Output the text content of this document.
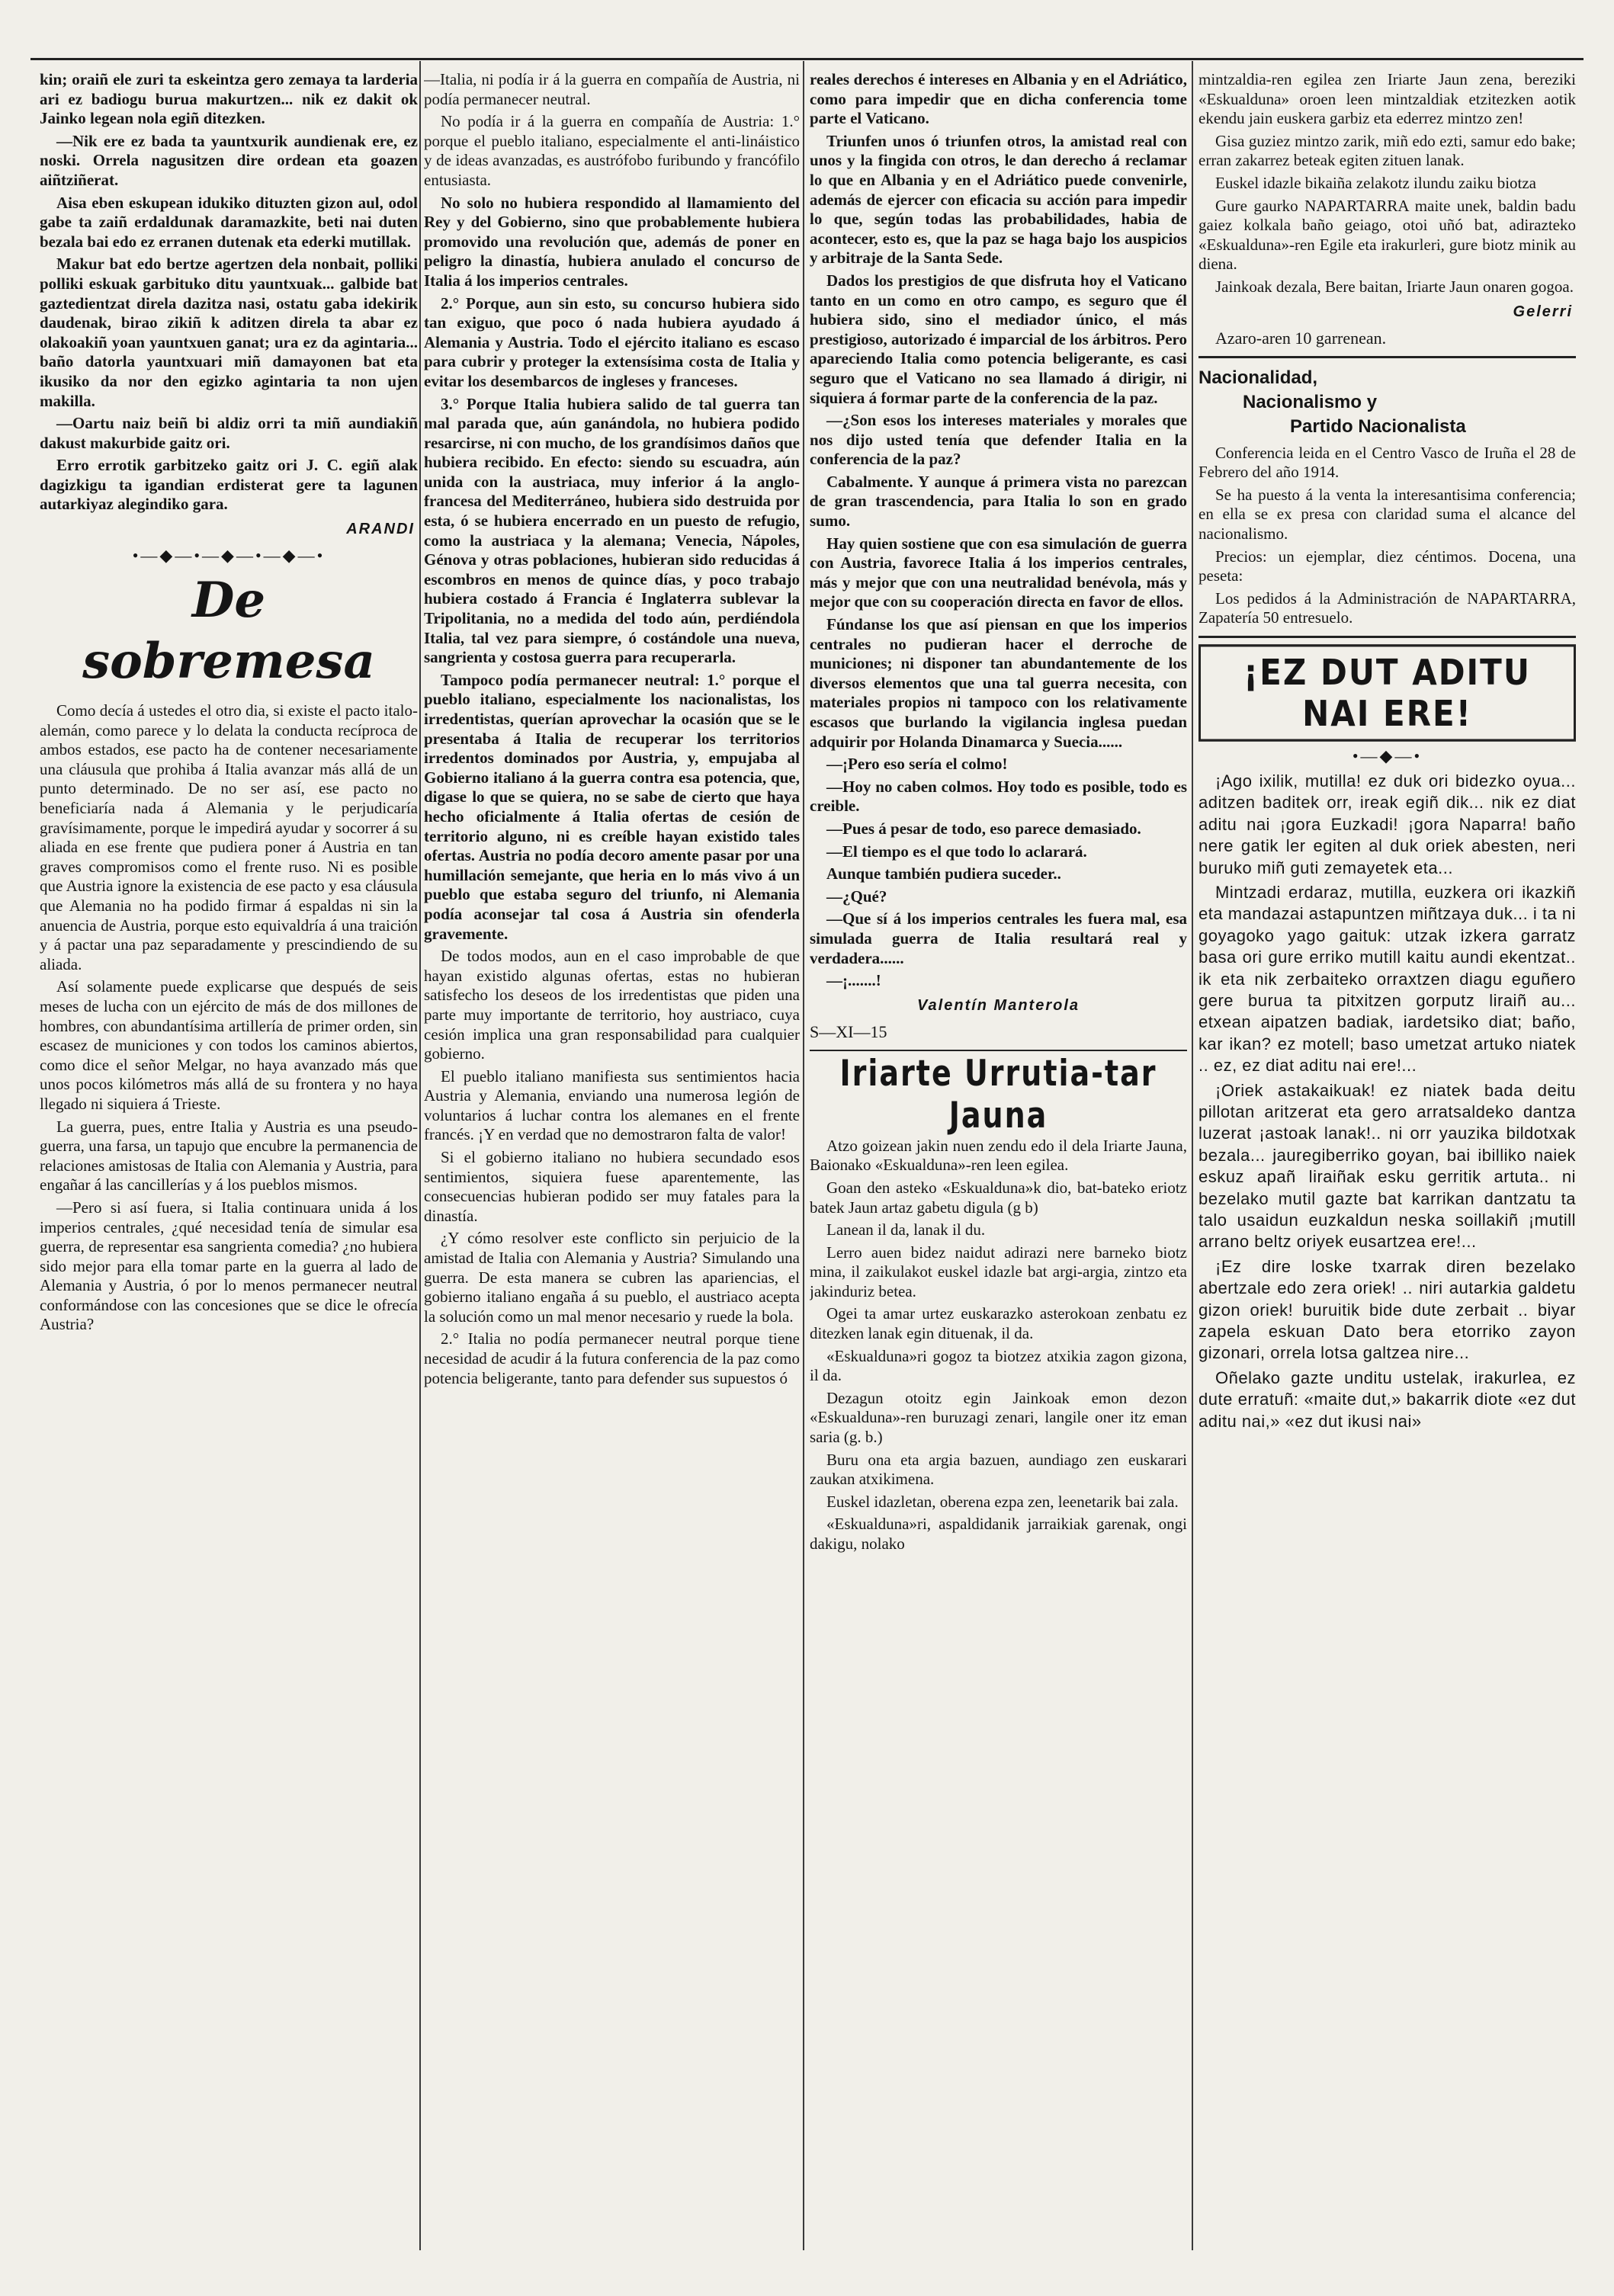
kin; oraiñ ele zuri ta eskeintza gero zemaya ta larderia ari ez badiogu burua makurtzen... nik ez dakit ok Jainko legean nola egiñ ditezken.

—Nik ere ez bada ta yauntxurik aundienak ere, ez noski. Orrela nagusitzen dire ordean eta goazen aiñtziñerat.

Aisa eben eskupean idukiko dituzten gizon aul, odol gabe ta zaiñ erdaldunak daramazkite, beti nai duten bezala bai edo ez erranen dutenak eta ederki mutillak.

Makur bat edo bertze agertzen dela nonbait, polliki polliki eskuak garbituko ditu yauntxuak... galbide bat gaztedientzat direla dazitza nasi, ostatu gaba idekirik daudenak, birao zikiñ k aditzen direla ta abar ez olakoakiñ yoan yauntxuen ganat; ura ez da agintaria... baño datorla yauntxuari miñ damayonen bat eta ikusiko da nor den egizko agintaria ta non ujen makilla.

—Oartu naiz beiñ bi aldiz orri ta miñ aundiakiñ dakust makurbide gaitz ori.

Erro errotik garbitzeko gaitz ori J. C. egiñ alak dagizkigu ta igandian erdisterat gere ta lagunen autarkiyaz alegindiko gara.

ARANDI
•—◆—•—◆—•—◆—•
De sobremesa

Como decía á ustedes el otro dia, si existe el pacto italo-alemán, como parece y lo delata la conducta recíproca de ambos estados, ese pacto ha de contener necesariamente una cláusula que prohiba á Italia avanzar más allá de un punto determinado. De no ser así, ese pacto no beneficiaría nada á Alemania y le perjudicaría gravísimamente, porque le impedirá ayudar y socorrer á su aliada en ese frente que pudiera poner á Austria en tan graves compromisos como el frente ruso. Ni es posible que Austria ignore la existencia de ese pacto y esa cláusula que Alemania no ha podido firmar á espaldas ni sin la anuencia de Austria, porque esto equivaldría á una traición y á pactar una paz separadamente y prescindiendo de su aliada.

Así solamente puede explicarse que después de seis meses de lucha con un ejército de más de dos millones de hombres, con abundantísima artillería de primer orden, sin escasez de municiones y con todos los caminos abiertos, como dice el señor Melgar, no haya avanzado más que unos pocos kilómetros más allá de su frontera y no haya llegado ni siquiera á Trieste.

La guerra, pues, entre Italia y Austria es una pseudo-guerra, una farsa, un tapujo que encubre la permanencia de relaciones amistosas de Italia con Alemania y Austria, para engañar á las cancillerías y á los pueblos mismos.

—Pero si así fuera, si Italia continuara unida á los imperios centrales, ¿qué necesidad tenía de simular esa guerra, de representar esa sangrienta comedia? ¿no hubiera sido mejor para ella tomar parte en la guerra al lado de Alemania y Austria, ó por lo menos permanecer neutral conformándose con las concesiones que se dice le ofrecía Austria?

—Italia, ni podía ir á la guerra en compañía de Austria, ni podía permanecer neutral.

No podía ir á la guerra en compañía de Austria: 1.° porque el pueblo italiano, especialmente el anti-lináistico y de ideas avanzadas, es austrófobo furibundo y francófilo entusiasta.

No solo no hubiera respondido al llamamiento del Rey y del Gobierno, sino que probablemente hubiera promovido una revolución que, además de poner en peligro la dinastía, hubiera anulado el concurso de Italia á los imperios centrales.

2.° Porque, aun sin esto, su concurso hubiera sido tan exiguo, que poco ó nada hubiera ayudado á Alemania y Austria. Todo el ejército italiano es escaso para cubrir y proteger la extensísima costa de Italia y evitar los desembarcos de ingleses y franceses.

3.° Porque Italia hubiera salido de tal guerra tan mal parada que, aún ganándola, no hubiera podido resarcirse, ni con mucho, de los grandísimos daños que hubiera recibido. En efecto: siendo su escuadra, aún unida con la austriaca, muy inferior á la anglo-francesa del Mediterráneo, hubiera sido destruida por esta, ó se hubiera encerrado en un puesto de refugio, como la austriaca y la alemana; Venecia, Nápoles, Génova y otras poblaciones, hubieran sido reducidas á escombros en menos de quince días, y poco trabajo hubiera costado á Francia é Inglaterra sublevar la Tripolitania, no a medida del todo aún, perdiéndola Italia, tal vez para siempre, ó costándole una nueva, sangrienta y costosa guerra para recuperarla.

Tampoco podía permanecer neutral: 1.° porque el pueblo italiano, especialmente los nacionalistas, los irredentistas, querían aprovechar la ocasión que se le presentaba á Italia de recuperar los territorios irredentos dominados por Austria, y, empujaba al Gobierno italiano á la guerra contra esa potencia, que, digase lo que se quiera, no se sabe de cierto que haya hecho oficialmente á Italia ofertas de cesión de territorio alguno, ni es creíble hayan existido tales ofertas. Austria no podía decoro amente pasar por una humillación semejante, que heria en lo más vivo á un pueblo que estaba seguro del triunfo, ni Alemania podía aconsejar tal cosa á Austria sin ofenderla gravemente.

De todos modos, aun en el caso improbable de que hayan existido algunas ofertas, estas no hubieran satisfecho los deseos de los irredentistas que piden una parte muy importante de territorio, hoy austriaco, cuya cesión implica una gran responsabilidad para cualquier gobierno.

El pueblo italiano manifiesta sus sentimientos hacia Austria y Alemania, enviando una numerosa legión de voluntarios á luchar contra los alemanes en el frente francés. ¡Y en verdad que no demostraron falta de valor!

Si el gobierno italiano no hubiera secundado esos sentimientos, siquiera fuese aparentemente, las consecuencias hubieran podido ser muy fatales para la dinastía.

¿Y cómo resolver este conflicto sin perjuicio de la amistad de Italia con Alemania y Austria? Simulando una guerra. De esta manera se cubren las apariencias, el gobierno italiano engaña á su pueblo, el austriaco acepta la solución como un mal menor necesario y ruede la bola.

2.° Italia no podía permanecer neutral porque tiene necesidad de acudir á la futura conferencia de la paz como potencia beligerante, tanto para defender sus supuestos ó

reales derechos é intereses en Albania y en el Adriático, como para impedir que en dicha conferencia tome parte el Vaticano.

Triunfen unos ó triunfen otros, la amistad real con unos y la fingida con otros, le dan derecho á reclamar lo que en Albania y en el Adriático puede convenirle, además de ejercer con eficacia su acción para impedir lo que, según todas las probabilidades, habia de acontecer, esto es, que la paz se haga bajo los auspicios y arbitraje de la Santa Sede.

Dados los prestigios de que disfruta hoy el Vaticano tanto en un como en otro campo, es seguro que él hubiera sido, sino el mediador único, el más prestigioso, autorizado é imparcial de los árbitros. Pero apareciendo Italia como potencia beligerante, es casi seguro que el Vaticano no sea llamado á dirigir, ni siquiera á formar parte de la conferencia de la paz.

—¿Son esos los intereses materiales y morales que nos dijo usted tenía que defender Italia en la conferencia de la paz?

Cabalmente. Y aunque á primera vista no parezcan de gran trascendencia, para Italia lo son en grado sumo.

Hay quien sostiene que con esa simulación de guerra con Austria, favorece Italia á los imperios centrales, más y mejor que con una neutralidad benévola, más y mejor que con su cooperación directa en favor de ellos.

Fúndanse los que así piensan en que los imperios centrales no pudieran hacer el derroche de municiones; ni disponer tan abundantemente de los diversos elementos que una tal guerra necesita, con materiales propios ni tampoco con los relativamente escasos que burlando la vigilancia inglesa puedan adquirir por Holanda Dinamarca y Suecia......

—¡Pero eso sería el colmo!

—Hoy no caben colmos. Hoy todo es posible, todo es creible.

—Pues á pesar de todo, eso parece demasiado.

—El tiempo es el que todo lo aclarará.

Aunque también pudiera suceder..

—¿Qué?

—Que sí á los imperios centrales les fuera mal, esa simulada guerra de Italia resultará real y verdadera......

—¡.......!

Valentín Manterola
S—XI—15
Iriarte Urrutia-tar Jauna

Atzo goizean jakin nuen zendu edo il dela Iriarte Jauna, Baionako «Eskualduna»-ren leen egilea.

Goan den asteko «Eskualduna»k dio, bat-bateko eriotz batek Jaun artaz gabetu digula (g b)

Lanean il da, lanak il du.

Lerro auen bidez naidut adirazi nere barneko biotz mina, il zaikulakot euskel idazle bat argi-argia, zintzo eta jakinduriz betea.

Ogei ta amar urtez euskarazko asterokoan zenbatu ez ditezken lanak egin dituenak, il da.

«Eskualduna»ri gogoz ta biotzez atxikia zagon gizona, il da.

Dezagun otoitz egin Jainkoak emon dezon «Eskualduna»-ren buruzagi zenari, langile oner itz eman saria (g. b.)

Buru ona eta argia bazuen, aundiago zen euskarari zaukan atxikimena.

Euskel idazletan, oberena ezpa zen, leenetarik bai zala.

«Eskualduna»ri, aspaldidanik jarraikiak garenak, ongi dakigu, nolako

mintzaldia-ren egilea zen Iriarte Jaun zena, bereziki «Eskualduna» oroen leen mintzaldiak etzitezken aotik ekendu jain euskera garbiz eta ederrez mintzo zen!

Gisa guziez mintzo zarik, miñ edo ezti, samur edo bake; erran zakarrez beteak egiten zituen lanak.

Euskel idazle bikaiña zelakotz ilundu zaiku biotza

Gure gaurko NAPARTARRA maite unek, baldin badu gaiez kolkala baño geiago, otoi uñó bat, adirazteko «Eskualduna»-ren Egile eta irakurleri, gure biotz minik au diena.

Jainkoak dezala, Bere baitan, Iriarte Jaun onaren gogoa.

Gelerri
Azaro-aren 10 garrenean.
Nacionalidad,
Nacionalismo y
Partido Nacionalista

Conferencia leida en el Centro Vasco de Iruña el 28 de Febrero del año 1914.

Se ha puesto á la venta la interesantisima conferencia; en ella se ex presa con claridad suma el alcance del nacionalismo.

Precios: un ejemplar, diez céntimos. Docena, una peseta:

Los pedidos á la Administración de NAPARTARRA, Zapatería 50 entresuelo.

¡EZ DUT ADITU NAI ERE!
•—◆—•

¡Ago ixilik, mutilla! ez duk ori bidezko oyua... aditzen baditek orr, ireak egiñ dik... nik ez diat aditu nai ¡gora Euzkadi! ¡gora Naparra! baño nere gatik ler egiten al duk oriek abesten, neri buruko miñ guti zemayetek eta...

Mintzadi erdaraz, mutilla, euzkera ori ikazkiñ eta mandazai astapuntzen miñtzaya duk... i ta ni goyagoko yago gaituk: utzak izkera garratz basa ori gure erriko mutill kaitu aundi ekentzat.. ik eta nik zerbaiteko orraxtzen diagu eguñero gere burua ta pitxitzen gorputz liraiñ au... etxean aipatzen badiak, iardetsiko diat; baño, kar ikan? ez motell; baso umetzat artuko niatek .. ez, ez diat aditu nai ere!...

¡Oriek astakaikuak! ez niatek bada deitu pillotan aritzerat eta gero arratsaldeko dantza luzerat ¡astoak lanak!.. ni orr yauzika bildotxak bezala... jauregiberriko goyan, bai ibilliko naiek eskuz apañ liraiñak esku gerritik artuta.. ni bezelako mutil gazte bat karrikan dantzatu ta talo usaidun euzkaldun neska soillakiñ ¡mutill arrano beltz oriyek eusartzea ere!...

¡Ez dire loske txarrak diren bezelako abertzale edo zera oriek! .. niri autarkia galdetu gizon oriek! buruitik bide dute zerbait .. biyar zapela eskuan Dato bera etorriko zayon gizonari, orrela lotsa galtzea nire...

Oñelako gazte unditu ustelak, irakurlea, ez dute erratuñ: «maite dut,» bakarrik diote «ez dut aditu nai,» «ez dut ikusi nai»
